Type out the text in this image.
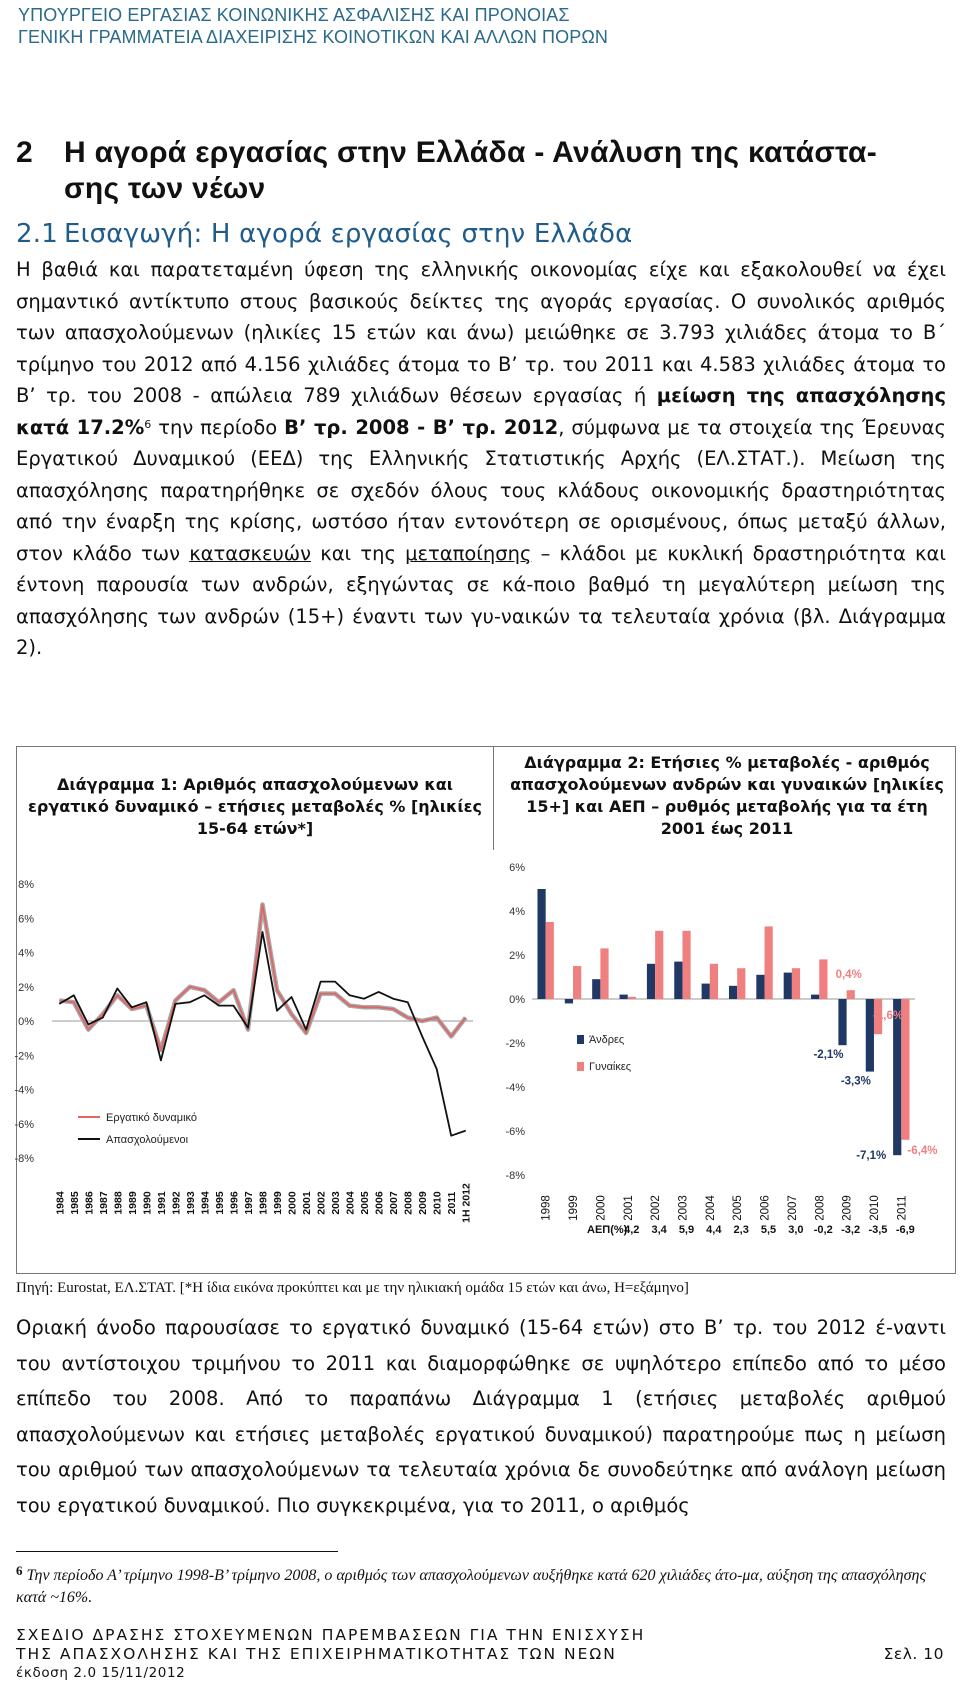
ΥΠΟΥΡΓΕΙΟ ΕΡΓΑΣΙΑΣ ΚΟΙΝΩΝΙΚΗΣ ΑΣΦΑΛΙΣΗΣ ΚΑΙ ΠΡΟΝΟΙΑΣ
ΓΕΝΙΚΗ ΓΡΑΜΜΑΤΕΙΑ ΔΙΑΧΕΙΡΙΣΗΣ ΚΟΙΝΟΤΙΚΩΝ ΚΑΙ ΑΛΛΩΝ ΠΟΡΩΝ
2 Η αγορά εργασίας στην Ελλάδα - Ανάλυση της κατάστα-
σης των νέων
2.1 Εισαγωγή: Η αγορά εργασίας στην Ελλάδα

Η βαθιά και παρατεταμένη ύφεση της ελληνικής οικονομίας είχε και εξακολουθεί να έχει σημαντικό αντίκτυπο στους βασικούς δείκτες της αγοράς εργασίας. Ο συνολικός αριθμός των απασχολούμενων (ηλικίες 15 ετών και άνω) μειώθηκε σε 3.793 χιλιάδες άτομα το Β΄ τρίμηνο του 2012 από 4.156 χιλιάδες άτομα το Β’ τρ. του 2011 και 4.583 χιλιάδες άτομα το Β’ τρ. του 2008 - απώλεια 789 χιλιάδων θέσεων εργασίας ή μείωση της απασχόλησης κατά 17.2%$^6$ την περίοδο Β’ τρ. 2008 - Β’ τρ. 2012, σύμφωνα με τα στοιχεία της Έρευνας Εργατικού Δυναμικού (ΕΕΔ) της Ελληνικής Στατιστικής Αρχής (ΕΛ.ΣΤΑΤ.). Μείωση της απασχόλησης παρατηρήθηκε σε σχεδόν όλους τους κλάδους οικονομικής δραστηριότητας από την έναρξη της κρίσης, ωστόσο ήταν εντονότερη σε ορισμένους, όπως μεταξύ άλλων, στον κλάδο των κατασκευών και της μεταποίησης – κλάδοι με κυκλική δραστηριότητα και έντονη παρουσία των ανδρών, εξηγώντας σε κά-ποιο βαθμό τη μεγαλύτερη μείωση της απασχόλησης των ανδρών (15+) έναντι των γυ-ναικών τα τελευταία χρόνια (βλ. Διάγραμμα 2).

Διάγραμμα 1: Αριθμός απασχολούμενων και εργατικό δυναμικό – ετήσιες μεταβολές % [ηλικίες 15-64 ετών*]
Διάγραμμα 2: Ετήσιες % μεταβολές - αριθμός απασχολούμενων ανδρών και γυναικών [ηλικίες 15+] και ΑΕΠ – ρυθμός μεταβολής για τα έτη 2001 έως 2011
8%
6%
4%
2%
0%
-2%
-4%
-6%
-8%
1984 1985 1986 1987 1988 1989 1990 1991 1992 1993 1994 1995 1996 1997 1998 1999 2000 2001 2002 2003 2004 2005 2006 2007 2008 2009 2010 2011 1Η 2012
Εργατικό δυναμικό
Απασχολούμενοι
6%
4%
2%
0%
-2%
-4%
-6%
-8%
1998 1999 2000 2001 2002 2003 2004 2005 2006 2007 2008 2009 2010 2011
0,4%
-1,6%
-2,1%
-3,3%
-7,1% -6,4%
Άνδρες
Γυναίκες
ΑΕΠ(%)
4,2 3,4 5,9 4,4 2,3 5,5 3,0 -0,2 -3,2 -3,5 -6,9
Πηγή: Eurostat, ΕΛ.ΣΤΑΤ. [*Η ίδια εικόνα προκύπτει και με την ηλικιακή ομάδα 15 ετών και άνω, Η=εξάμηνο]
Οριακή άνοδο παρουσίασε το εργατικό δυναμικό (15-64 ετών) στο Β’ τρ. του 2012 έ-ναντι του αντίστοιχου τριμήνου το 2011 και διαμορφώθηκε σε υψηλότερο επίπεδο από το μέσο επίπεδο του 2008. Από το παραπάνω Διάγραμμα 1 (ετήσιες μεταβολές αριθμού απασχολούμενων και ετήσιες μεταβολές εργατικού δυναμικού) παρατηρούμε πως η μείωση του αριθμού των απασχολούμενων τα τελευταία χρόνια δε συνοδεύτηκε από ανάλογη μείωση του εργατικού δυναμικού. Πιο συγκεκριμένα, για το 2011, ο αριθμός
$^6$ Την περίοδο Α’ τρίμηνο 1998-Β’ τρίμηνο 2008, ο αριθμός των απασχολούμενων αυξήθηκε κατά 620 χιλιάδες άτο-μα, αύξηση της απασχόλησης κατά ~16%.
ΣΧΕΔΙΟ ΔΡΑΣΗΣ ΣΤΟΧΕΥΜΕΝΩΝ ΠΑΡΕΜΒΑΣΕΩΝ ΓΙΑ ΤΗΝ ΕΝΙΣΧΥΣΗ
ΤΗΣ ΑΠΑΣΧΟΛΗΣΗΣ ΚΑΙ ΤΗΣ ΕΠΙΧΕΙΡΗΜΑΤΙΚΟΤΗΤΑΣ ΤΩΝ ΝΕΩΝ
έκδοση 2.0 15/11/2012
Σελ. 10
